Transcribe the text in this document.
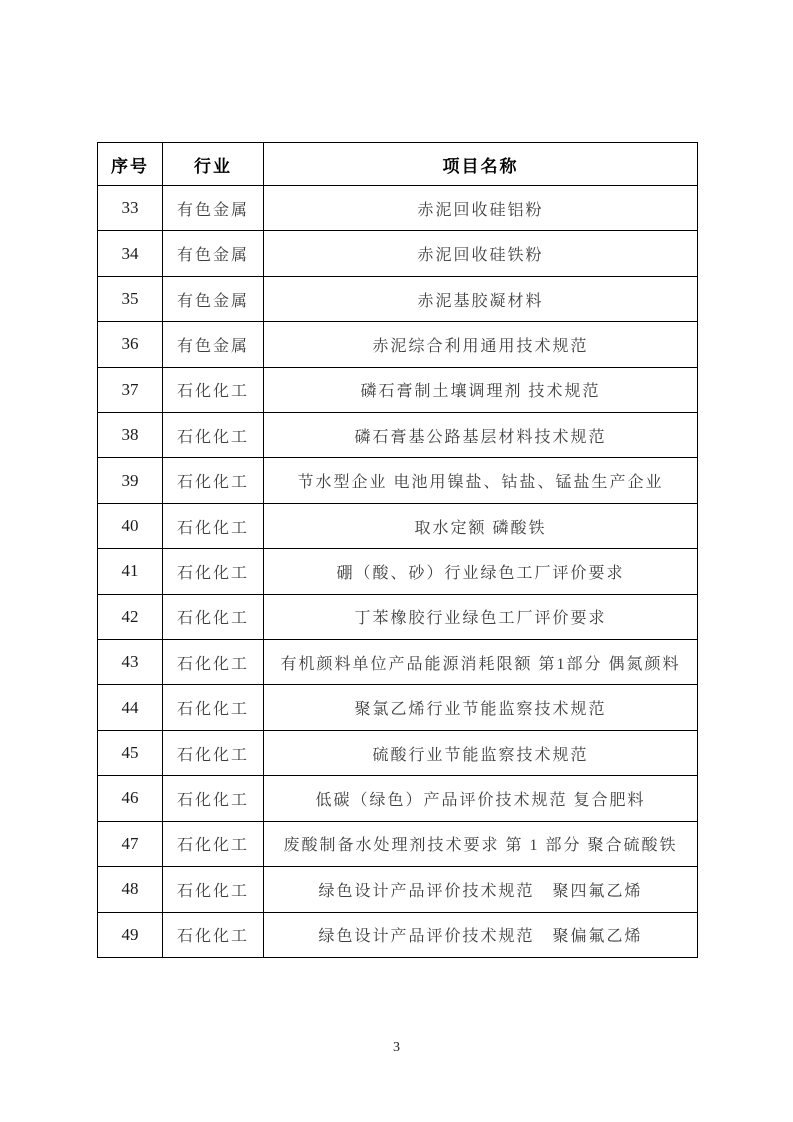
序号	行业	项目名称
33	有色金属	赤泥回收硅铝粉
34	有色金属	赤泥回收硅铁粉
35	有色金属	赤泥基胶凝材料
36	有色金属	赤泥综合利用通用技术规范
37	石化化工	磷石膏制土壤调理剂 技术规范
38	石化化工	磷石膏基公路基层材料技术规范
39	石化化工	节水型企业 电池用镍盐、钴盐、锰盐生产企业
40	石化化工	取水定额 磷酸铁
41	石化化工	硼（酸、砂）行业绿色工厂评价要求
42	石化化工	丁苯橡胶行业绿色工厂评价要求
43	石化化工	有机颜料单位产品能源消耗限额 第1部分 偶氮颜料
44	石化化工	聚氯乙烯行业节能监察技术规范
45	石化化工	硫酸行业节能监察技术规范
46	石化化工	低碳（绿色）产品评价技术规范 复合肥料
47	石化化工	废酸制备水处理剂技术要求 第 1 部分 聚合硫酸铁
48	石化化工	绿色设计产品评价技术规范　聚四氟乙烯
49	石化化工	绿色设计产品评价技术规范　聚偏氟乙烯
3
